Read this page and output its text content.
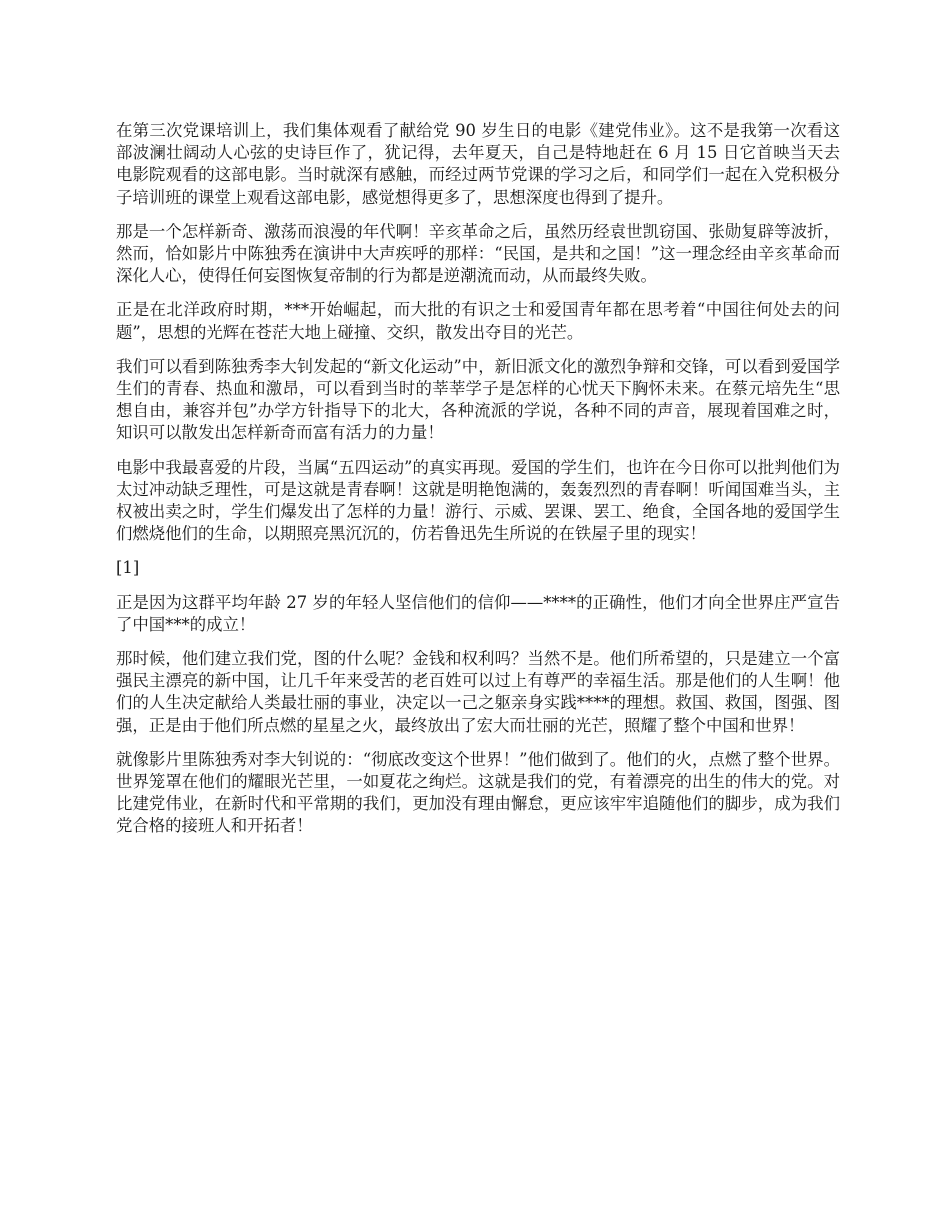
在第三次党课培训上，我们集体观看了献给党 90 岁生日的电影《建党伟业》。这不是我第一次看这部波澜壮阔动人心弦的史诗巨作了，犹记得，去年夏天，自己是特地赶在 6 月 15 日它首映当天去电影院观看的这部电影。当时就深有感触，而经过两节党课的学习之后，和同学们一起在入党积极分子培训班的课堂上观看这部电影，感觉想得更多了，思想深度也得到了提升。

那是一个怎样新奇、激荡而浪漫的年代啊！辛亥革命之后，虽然历经袁世凯窃国、张勋复辟等波折，然而，恰如影片中陈独秀在演讲中大声疾呼的那样：“民国，是共和之国！”这一理念经由辛亥革命而深化人心，使得任何妄图恢复帝制的行为都是逆潮流而动，从而最终失败。

正是在北洋政府时期，***开始崛起，而大批的有识之士和爱国青年都在思考着“中国往何处去的问题”，思想的光辉在苍茫大地上碰撞、交织，散发出夺目的光芒。

我们可以看到陈独秀李大钊发起的“新文化运动”中，新旧派文化的激烈争辩和交锋，可以看到爱国学生们的青春、热血和激昂，可以看到当时的莘莘学子是怎样的心忧天下胸怀未来。在蔡元培先生“思想自由，兼容并包”办学方针指导下的北大，各种流派的学说，各种不同的声音，展现着国难之时，知识可以散发出怎样新奇而富有活力的力量！

电影中我最喜爱的片段，当属“五四运动”的真实再现。爱国的学生们，也许在今日你可以批判他们为太过冲动缺乏理性，可是这就是青春啊！这就是明艳饱满的，轰轰烈烈的青春啊！听闻国难当头，主权被出卖之时，学生们爆发出了怎样的力量！游行、示威、罢课、罢工、绝食，全国各地的爱国学生们燃烧他们的生命，以期照亮黑沉沉的，仿若鲁迅先生所说的在铁屋子里的现实！

[1]

正是因为这群平均年龄 27 岁的年轻人坚信他们的信仰——****的正确性，他们才向全世界庄严宣告了中国***的成立！

那时候，他们建立我们党，图的什么呢？金钱和权利吗？当然不是。他们所希望的，只是建立一个富强民主漂亮的新中国，让几千年来受苦的老百姓可以过上有尊严的幸福生活。那是他们的人生啊！他们的人生决定献给人类最壮丽的事业，决定以一己之躯亲身实践****的理想。救国、救国，图强、图强，正是由于他们所点燃的星星之火，最终放出了宏大而壮丽的光芒，照耀了整个中国和世界！

就像影片里陈独秀对李大钊说的：“彻底改变这个世界！”他们做到了。他们的火，点燃了整个世界。世界笼罩在他们的耀眼光芒里，一如夏花之绚烂。这就是我们的党，有着漂亮的出生的伟大的党。对比建党伟业，在新时代和平常期的我们，更加没有理由懈怠，更应该牢牢追随他们的脚步，成为我们党合格的接班人和开拓者！
